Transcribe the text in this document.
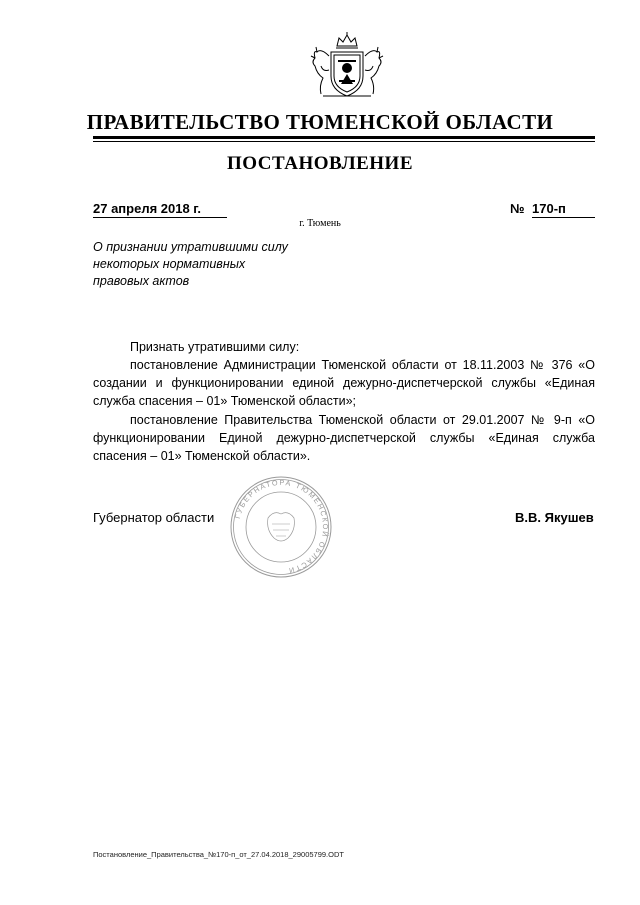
ПРАВИТЕЛЬСТВО ТЮМЕНСКОЙ ОБЛАСТИ
ПОСТАНОВЛЕНИЕ
27 апреля 2018 г.	№ 170-п
г. Тюмень
О признании утратившими силу
некоторых нормативных
правовых актов

Признать утратившими силу:

постановление Администрации Тюменской области от 18.11.2003 № 376 «О создании и функционировании единой дежурно-диспетчерской службы «Единая служба спасения – 01» Тюменской области»;

постановление Правительства Тюменской области от 29.01.2007 № 9-п «О функционировании Единой дежурно-диспетчерской службы «Единая служба спасения – 01» Тюменской области».

Губернатор области	ГУБЕРНАТОРА ТЮМЕНСКОЙ ОБЛАСТИ
В.В. Якушев
Постановление_Правительства_№170-п_от_27.04.2018_29005799.ODT
